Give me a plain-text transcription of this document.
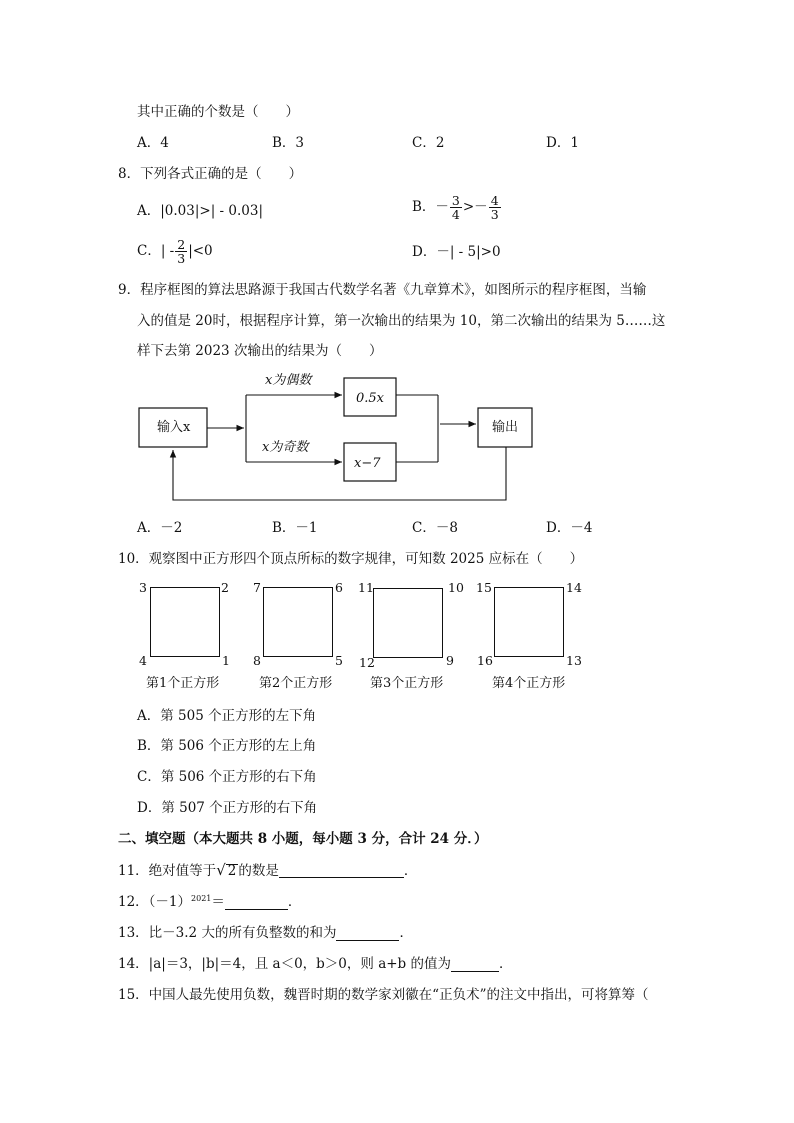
其中正确的个数是（　　）
A．4	B．3	C．2	D．1
8．下列各式正确的是（　　）
A．|0.03|>| - 0.03|	B．－ $\frac{3}{4} >- \frac{4}{3}$
C．| - $\frac{2}{3} |<0$	D．－| - 5|>0
9．程序框图的算法思路源于我国古代数学名著《九章算术》，如图所示的程序框图，当输
入的值是 20时，根据程序计算，第一次输出的结果为 10，第二次输出的结果为 5……这
样下去第 2023 次输出的结果为（　　）
输入x
x为偶数
x为奇数
0.5x
x−7
输出
A．－2	B．－1	C．－8	D．－4
10．观察图中正方形四个顶点所标的数字规律，可知数 2025 应标在（　　）
3	2
4	1
第1个正方形
7	6
8	5
第2个正方形
11	10
12	9
第3个正方形
15	14
16	13
第4个正方形
A．第 505 个正方形的左下角
B．第 506 个正方形的左上角
C．第 506 个正方形的右下角
D．第 507 个正方形的右下角
二、填空题（本大题共 8 小题，每小题 3 分，合计 24 分．）
11．绝对值等于 √ 2 的数是	．
12．（－1） 2021 ＝	．
13．比－3.2 大的所有负整数的和为	．
14．|a|＝3，|b|＝4，且 a＜0，b＞0，则 a+b 的值为	．
15．中国人最先使用负数，魏晋时期的数学家刘徽在“正负术”的注文中指出，可将算筹（
